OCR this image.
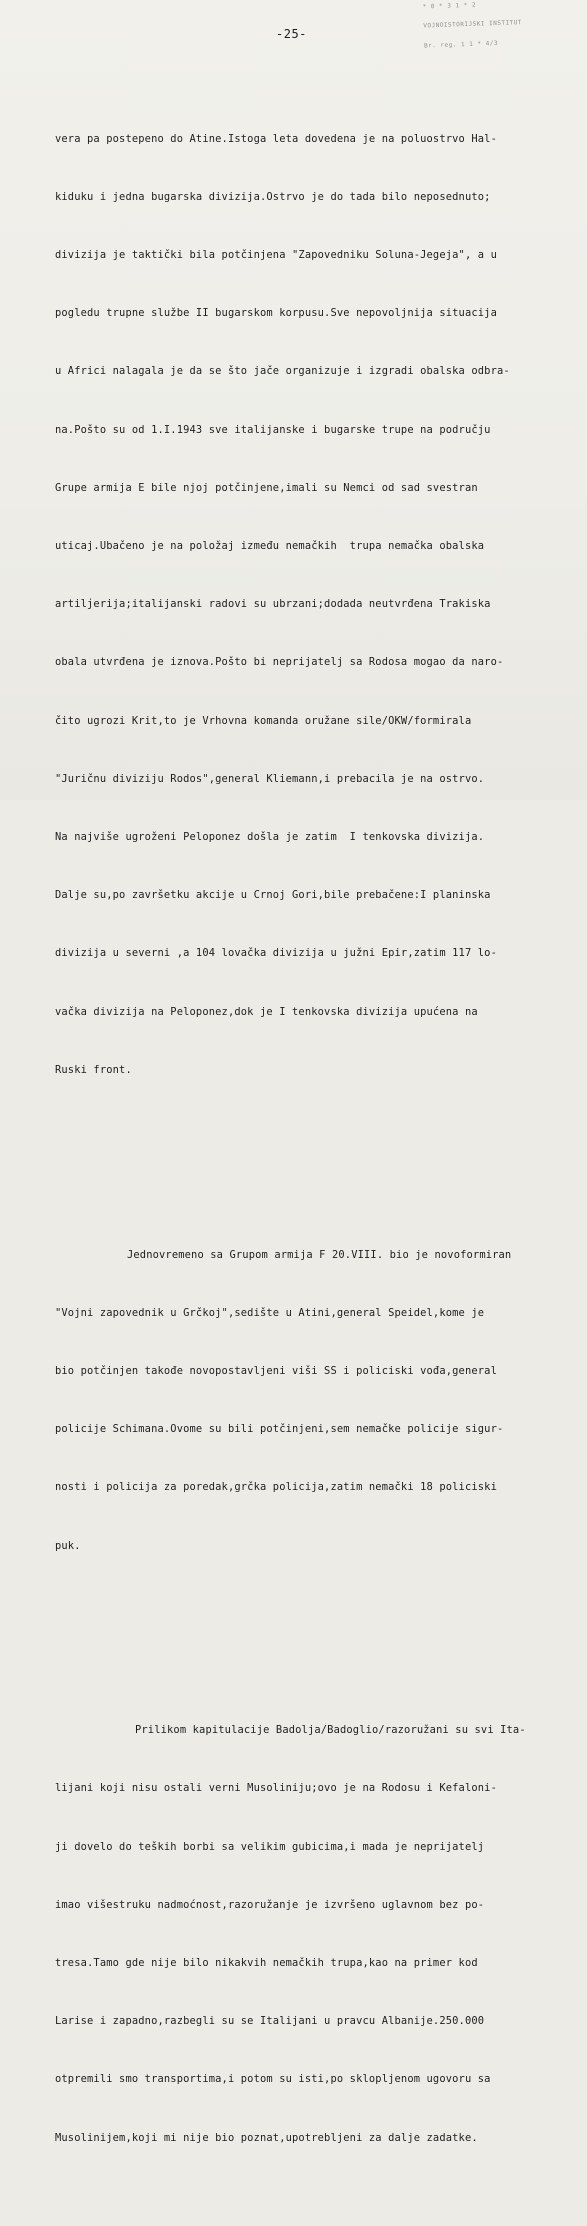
* 0 * 3 1 * 2
VOJNOISTORIJSKI INSTITUT
Br. reg. 1 1 * 4/3
-25-

vera pa postepeno do Atine.Istoga leta dovedena je na poluostrvo Hal-

kiduku i jedna bugarska divizija.Ostrvo je do tada bilo neposednuto;

divizija je taktički bila potčinjena "Zapovedniku Soluna-Jegeja", a u

pogledu trupne službe II bugarskom korpusu.Sve nepovoljnija situacija

u Africi nalagala je da se što jače organizuje i izgradi obalska odbra-

na.Pošto su od 1.I.1943 sve italijanske i bugarske trupe na području

Grupe armija E bile njoj potčinjene,imali su Nemci od sad svestran

uticaj.Ubačeno je na položaj između nemačkih  trupa nemačka obalska

artilјerija;italijanski radovi su ubrzani;dodada neutvrđena Trakiska

obala utvrđena je iznova.Pošto bi neprijatelj sa Rodosa mogao da naro-

čito ugrozi Krit,to je Vrhovna komanda oružane sile/OKW/formirala

"Juričnu diviziju Rodos",general Kliemann,i prebacila je na ostrvo.

Na najviše ugroženi Peloponez došla je zatim  I tenkovska divizija.

Dalje su,po završetku akcije u Crnoj Gori,bile prebačene:I planinska

divizija u severni ,a 104 lovačka divizija u južni Epir,zatim 117 lo-

vačka divizija na Peloponez,dok je I tenkovska divizija upućena na

Ruski front.

Jednovremeno sa Grupom armija F 20.VIII. bio je novoformiran

"Vojni zapovednik u Grčkoj",sedište u Atini,general Speidel,kome je

bio potčinjen takođe novopostavljeni viši SS i policiski vođa,general

policije Schimana.Ovome su bili potčinjeni,sem nemačke policije sigur-

nosti i policija za poredak,grčka policija,zatim nemački 18 policiski

puk.

Prilikom kapitulacije Badolja/Badoglio/razoružani su svi Ita-

lijani koji nisu ostali verni Musoliniju;ovo je na Rodosu i Kefaloni-

ji dovelo do teških borbi sa velikim gubicima,i mada je neprijatelj

imao višestruku nadmoćnost,razoružanje je izvršeno uglavnom bez po-

tresa.Tamo gde nije bilo nikakvih nemačkih trupa,kao na primer kod

Larise i zapadno,razbegli su se Italijani u pravcu Albanije.250.000

otpremili smo transportima,i potom su isti,po sklopljenom ugovoru sa

Musolinijem,koji mi nije bio poznat,upotrebljeni za dalje zadatke.
